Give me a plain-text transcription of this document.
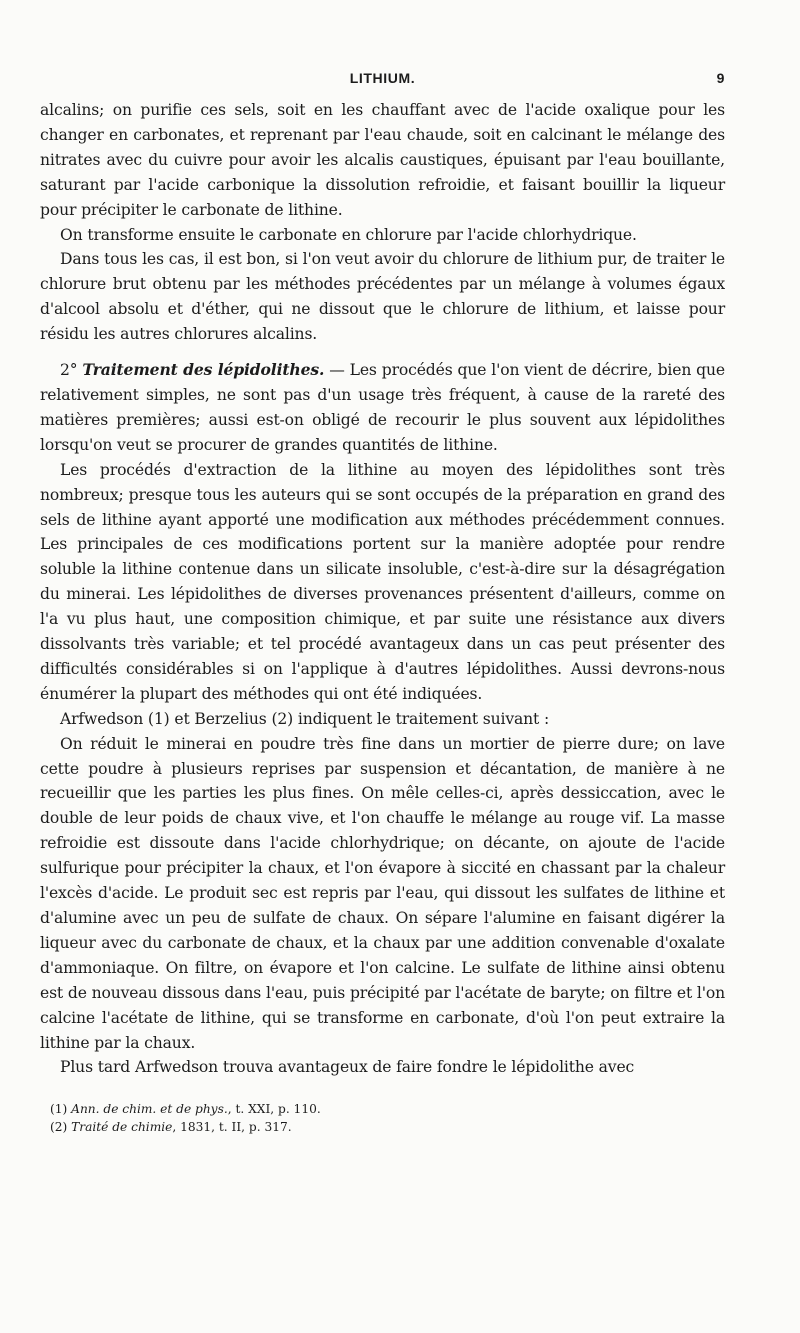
LITHIUM.	9

alcalins; on purifie ces sels, soit en les chauffant avec de l'acide oxalique pour les changer en carbonates, et reprenant par l'eau chaude, soit en calcinant le mélange des nitrates avec du cuivre pour avoir les alcalis caustiques, épuisant par l'eau bouillante, saturant par l'acide carbonique la dissolution refroidie, et faisant bouillir la liqueur pour précipiter le carbonate de lithine.

On transforme ensuite le carbonate en chlorure par l'acide chlorhydrique.

Dans tous les cas, il est bon, si l'on veut avoir du chlorure de lithium pur, de traiter le chlorure brut obtenu par les méthodes précédentes par un mélange à volumes égaux d'alcool absolu et d'éther, qui ne dissout que le chlorure de lithium, et laisse pour résidu les autres chlorures alcalins.

2° Traitement des lépidolithes. — Les procédés que l'on vient de décrire, bien que relativement simples, ne sont pas d'un usage très fréquent, à cause de la rareté des matières premières; aussi est-on obligé de recourir le plus souvent aux lépidolithes lorsqu'on veut se procurer de grandes quantités de lithine.

Les procédés d'extraction de la lithine au moyen des lépidolithes sont très nombreux; presque tous les auteurs qui se sont occupés de la préparation en grand des sels de lithine ayant apporté une modification aux méthodes précédemment connues. Les principales de ces modifications portent sur la manière adoptée pour rendre soluble la lithine contenue dans un silicate insoluble, c'est-à-dire sur la désagrégation du minerai. Les lépidolithes de diverses provenances présentent d'ailleurs, comme on l'a vu plus haut, une composition chimique, et par suite une résistance aux divers dissolvants très variable; et tel procédé avantageux dans un cas peut présenter des difficultés considérables si on l'applique à d'autres lépidolithes. Aussi devrons-nous énumérer la plupart des méthodes qui ont été indiquées.

Arfwedson (1) et Berzelius (2) indiquent le traitement suivant :

On réduit le minerai en poudre très fine dans un mortier de pierre dure; on lave cette poudre à plusieurs reprises par suspension et décantation, de manière à ne recueillir que les parties les plus fines. On mêle celles-ci, après dessiccation, avec le double de leur poids de chaux vive, et l'on chauffe le mélange au rouge vif. La masse refroidie est dissoute dans l'acide chlorhydrique; on décante, on ajoute de l'acide sulfurique pour précipiter la chaux, et l'on évapore à siccité en chassant par la chaleur l'excès d'acide. Le produit sec est repris par l'eau, qui dissout les sulfates de lithine et d'alumine avec un peu de sulfate de chaux. On sépare l'alumine en faisant digérer la liqueur avec du carbonate de chaux, et la chaux par une addition convenable d'oxalate d'ammoniaque. On filtre, on évapore et l'on calcine. Le sulfate de lithine ainsi obtenu est de nouveau dissous dans l'eau, puis précipité par l'acétate de baryte; on filtre et l'on calcine l'acétate de lithine, qui se transforme en carbonate, d'où l'on peut extraire la lithine par la chaux.

Plus tard Arfwedson trouva avantageux de faire fondre le lépidolithe avec

(1) Ann. de chim. et de phys., t. XXI, p. 110.
(2) Traité de chimie, 1831, t. II, p. 317.
